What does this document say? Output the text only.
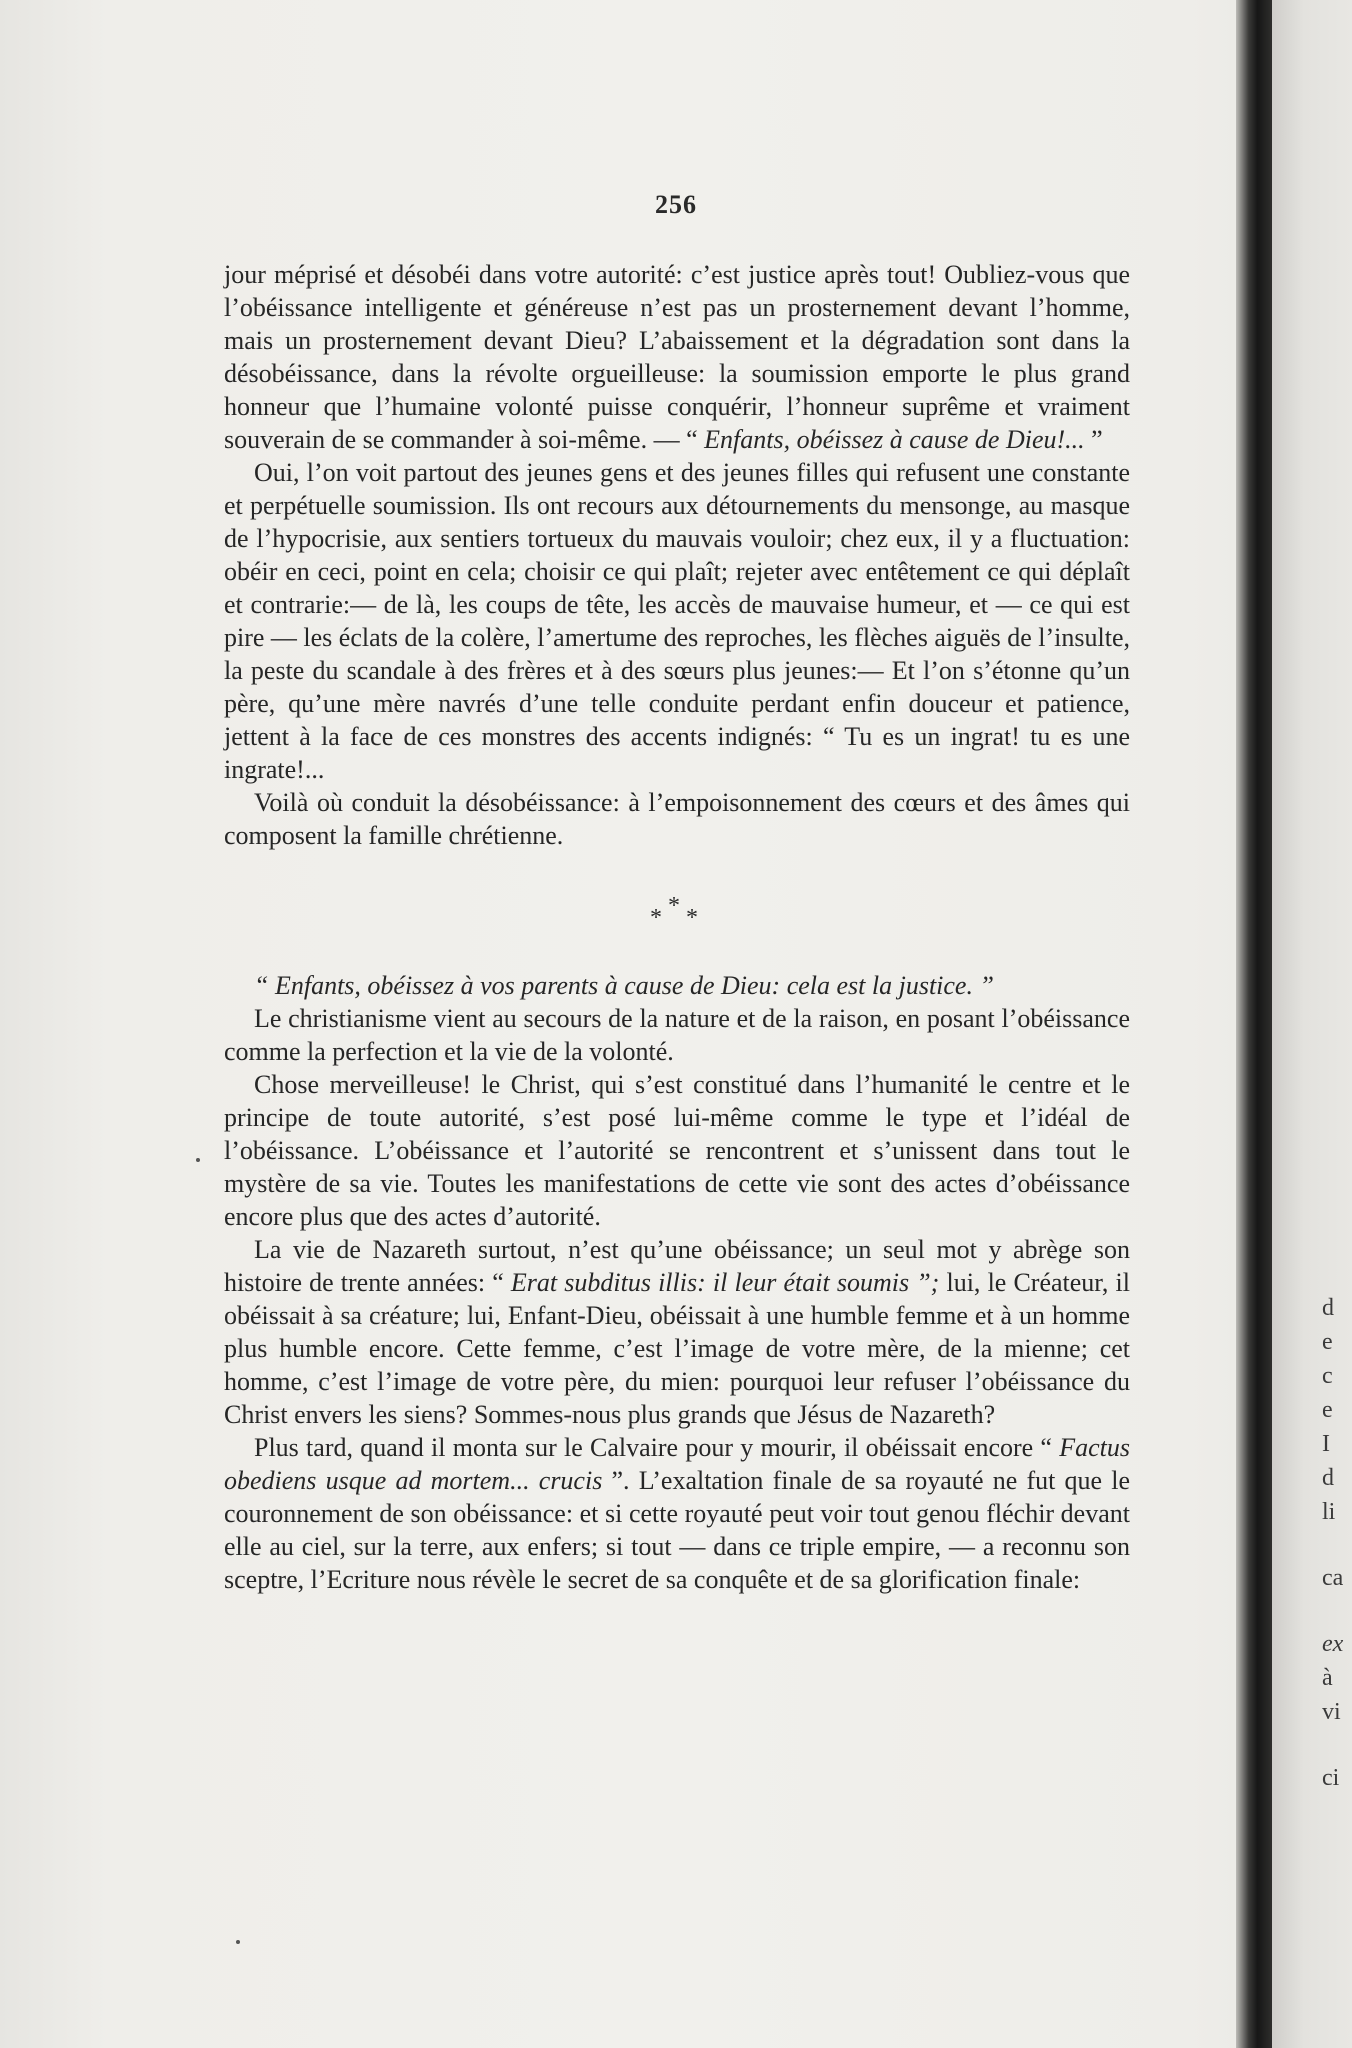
256

jour méprisé et désobéi dans votre autorité: c’est justice après tout! Oubliez-vous que l’obéissance intelligente et généreuse n’est pas un prosternement devant l’homme, mais un prosternement devant Dieu? L’abaissement et la dégradation sont dans la désobéissance, dans la révolte orgueilleuse: la soumission emporte le plus grand honneur que l’humaine volonté puisse conquérir, l’honneur suprême et vraiment souverain de se commander à soi-même. — “ Enfants, obéissez à cause de Dieu!... ”

Oui, l’on voit partout des jeunes gens et des jeunes filles qui refusent une constante et perpétuelle soumission. Ils ont recours aux détournements du mensonge, au masque de l’hypocrisie, aux sentiers tortueux du mauvais vouloir; chez eux, il y a fluctuation: obéir en ceci, point en cela; choisir ce qui plaît; rejeter avec entêtement ce qui déplaît et contrarie:— de là, les coups de tête, les accès de mauvaise humeur, et — ce qui est pire — les éclats de la colère, l’amertume des reproches, les flèches aiguës de l’insulte, la peste du scandale à des frères et à des sœurs plus jeunes:— Et l’on s’étonne qu’un père, qu’une mère navrés d’une telle conduite perdant enfin douceur et patience, jettent à la face de ces monstres des accents indignés: “ Tu es un ingrat! tu es une ingrate!...

Voilà où conduit la désobéissance: à l’empoisonnement des cœurs et des âmes qui composent la famille chrétienne.

***

“ Enfants, obéissez à vos parents à cause de Dieu: cela est la justice. ”

Le christianisme vient au secours de la nature et de la raison, en posant l’obéissance comme la perfection et la vie de la volonté.

Chose merveilleuse! le Christ, qui s’est constitué dans l’humanité le centre et le principe de toute autorité, s’est posé lui-même comme le type et l’idéal de l’obéissance. L’obéissance et l’autorité se rencontrent et s’unissent dans tout le mystère de sa vie. Toutes les manifestations de cette vie sont des actes d’obéissance encore plus que des actes d’autorité.

La vie de Nazareth surtout, n’est qu’une obéissance; un seul mot y abrège son histoire de trente années: “ Erat subditus illis: il leur était soumis ”; lui, le Créateur, il obéissait à sa créature; lui, Enfant-Dieu, obéissait à une humble femme et à un homme plus humble encore. Cette femme, c’est l’image de votre mère, de la mienne; cet homme, c’est l’image de votre père, du mien: pourquoi leur refuser l’obéissance du Christ envers les siens? Sommes-nous plus grands que Jésus de Nazareth?

Plus tard, quand il monta sur le Calvaire pour y mourir, il obéissait encore “ Factus obediens usque ad mortem... crucis ”. L’exaltation finale de sa royauté ne fut que le couronnement de son obéissance: et si cette royauté peut voir tout genou fléchir devant elle au ciel, sur la terre, aux enfers; si tout — dans ce triple empire, — a reconnu son sceptre, l’Ecriture nous révèle le secret de sa conquête et de sa glorification finale:

d
e
c
e
I
d
li
ca
ex
à
vi
ci
